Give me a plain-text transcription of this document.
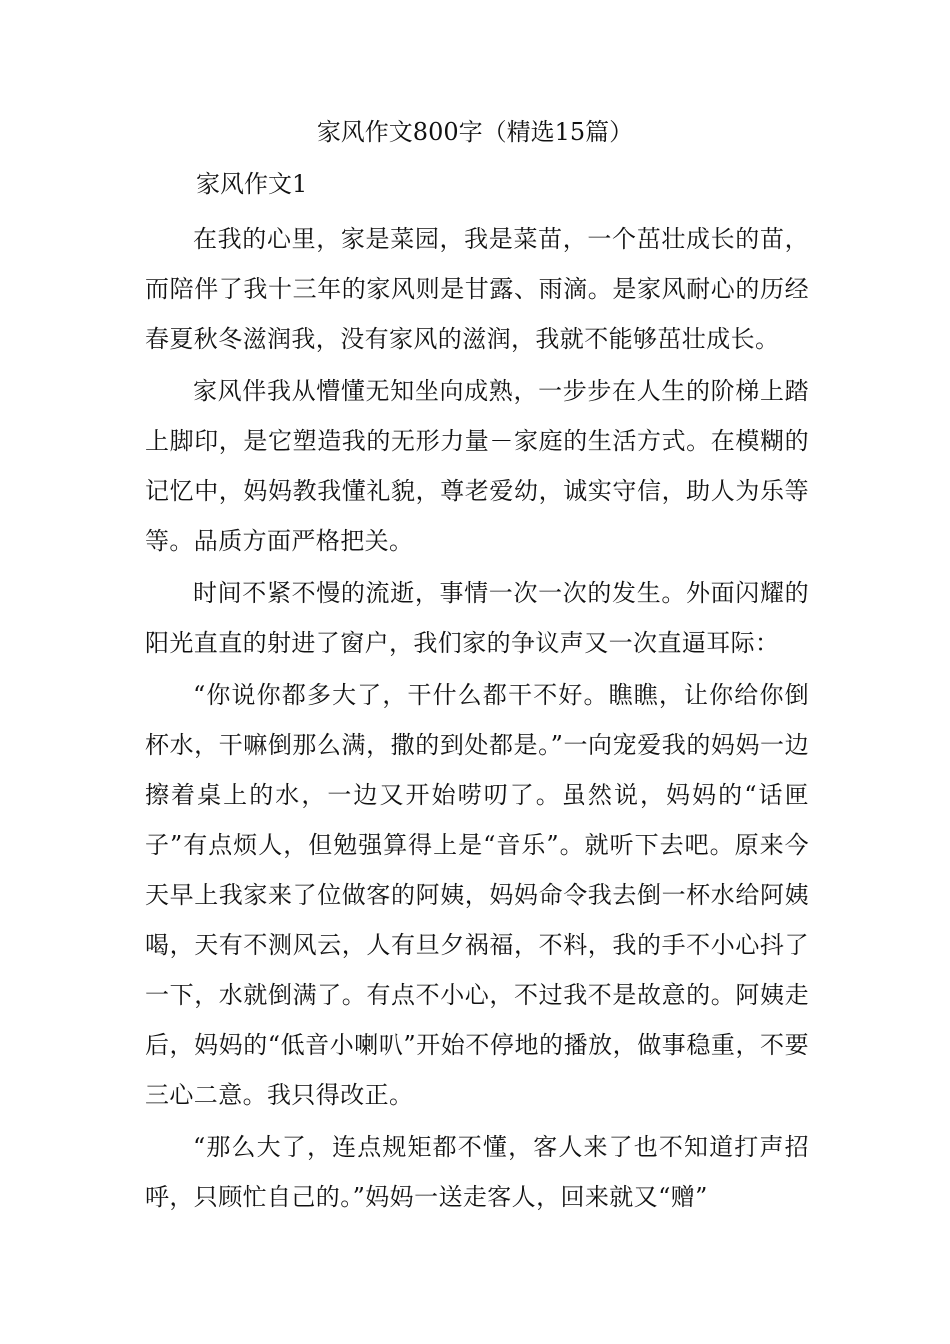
家风作文800字（精选15篇）

家风作文1

在我的心里，家是菜园，我是菜苗，一个茁壮成长的苗，而陪伴了我十三年的家风则是甘露、雨滴。是家风耐心的历经春夏秋冬滋润我，没有家风的滋润，我就不能够茁壮成长。

家风伴我从懵懂无知坐向成熟，一步步在人生的阶梯上踏上脚印，是它塑造我的无形力量－家庭的生活方式。在模糊的记忆中，妈妈教我懂礼貌，尊老爱幼，诚实守信，助人为乐等等。品质方面严格把关。

时间不紧不慢的流逝，事情一次一次的发生。外面闪耀的阳光直直的射进了窗户，我们家的争议声又一次直逼耳际：

“你说你都多大了，干什么都干不好。瞧瞧，让你给你倒杯水，干嘛倒那么满，撒的到处都是。”一向宠爱我的妈妈一边擦着桌上的水，一边又开始唠叨了。虽然说，妈妈的“话匣子”有点烦人，但勉强算得上是“音乐”。就听下去吧。原来今天早上我家来了位做客的阿姨，妈妈命令我去倒一杯水给阿姨喝，天有不测风云，人有旦夕祸福，不料，我的手不小心抖了一下，水就倒满了。有点不小心，不过我不是故意的。阿姨走后，妈妈的“低音小喇叭”开始不停地的播放，做事稳重，不要三心二意。我只得改正。

“那么大了，连点规矩都不懂，客人来了也不知道打声招呼，只顾忙自己的。”妈妈一送走客人，回来就又“赠”
